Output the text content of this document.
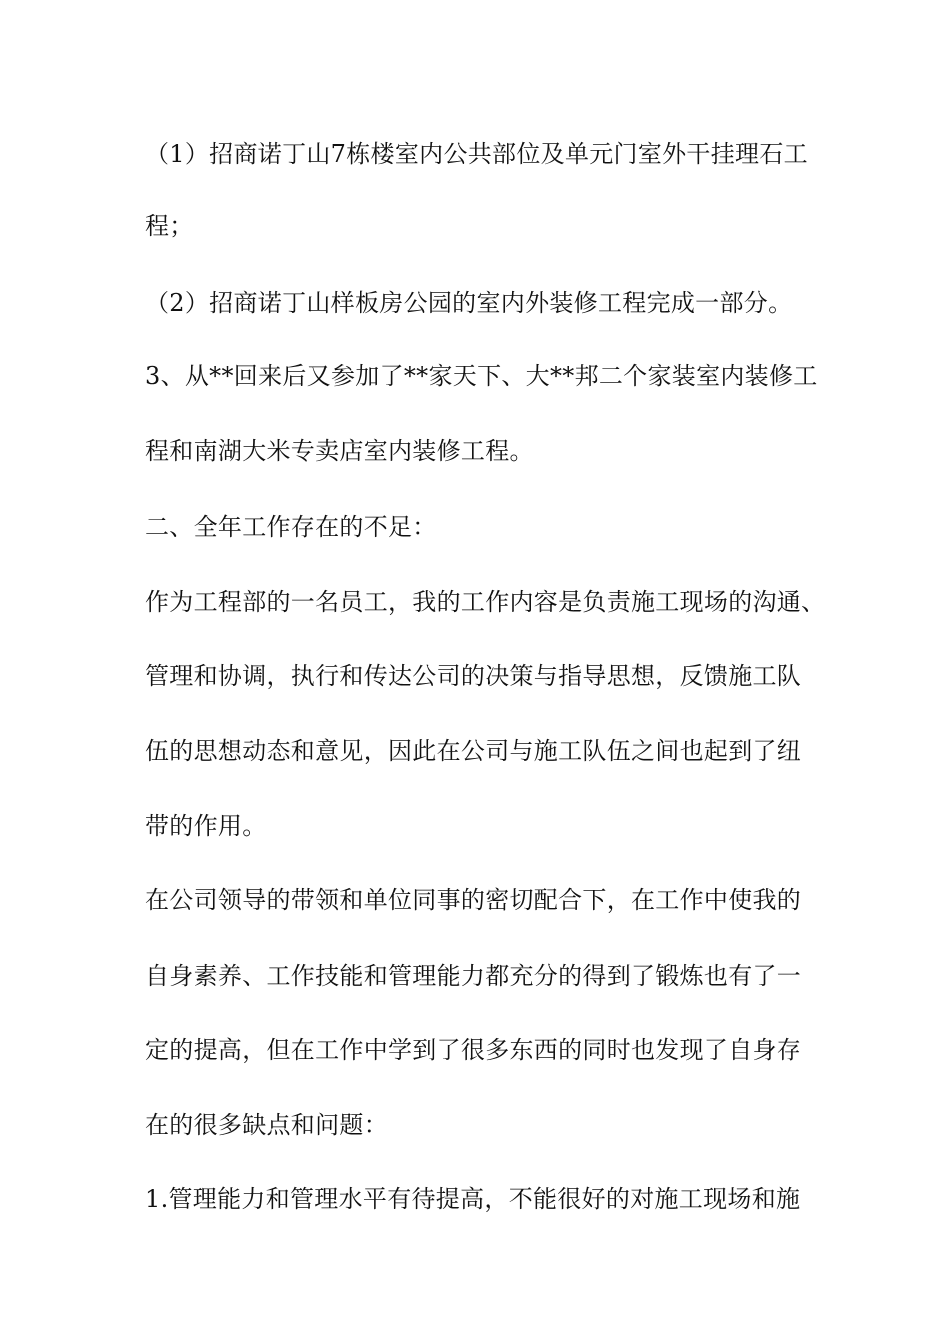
（1）招商诺丁山7栋楼室内公共部位及单元门室外干挂理石工
程；
（2）招商诺丁山样板房公园的室内外装修工程完成一部分。
3、从**回来后又参加了**家天下、大**邦二个家装室内装修工
程和南湖大米专卖店室内装修工程。
二、全年工作存在的不足：
作为工程部的一名员工，我的工作内容是负责施工现场的沟通、
管理和协调，执行和传达公司的决策与指导思想，反馈施工队
伍的思想动态和意见，因此在公司与施工队伍之间也起到了纽
带的作用。
在公司领导的带领和单位同事的密切配合下，在工作中使我的
自身素养、工作技能和管理能力都充分的得到了锻炼也有了一
定的提高，但在工作中学到了很多东西的同时也发现了自身存
在的很多缺点和问题：
1.管理能力和管理水平有待提高，不能很好的对施工现场和施
